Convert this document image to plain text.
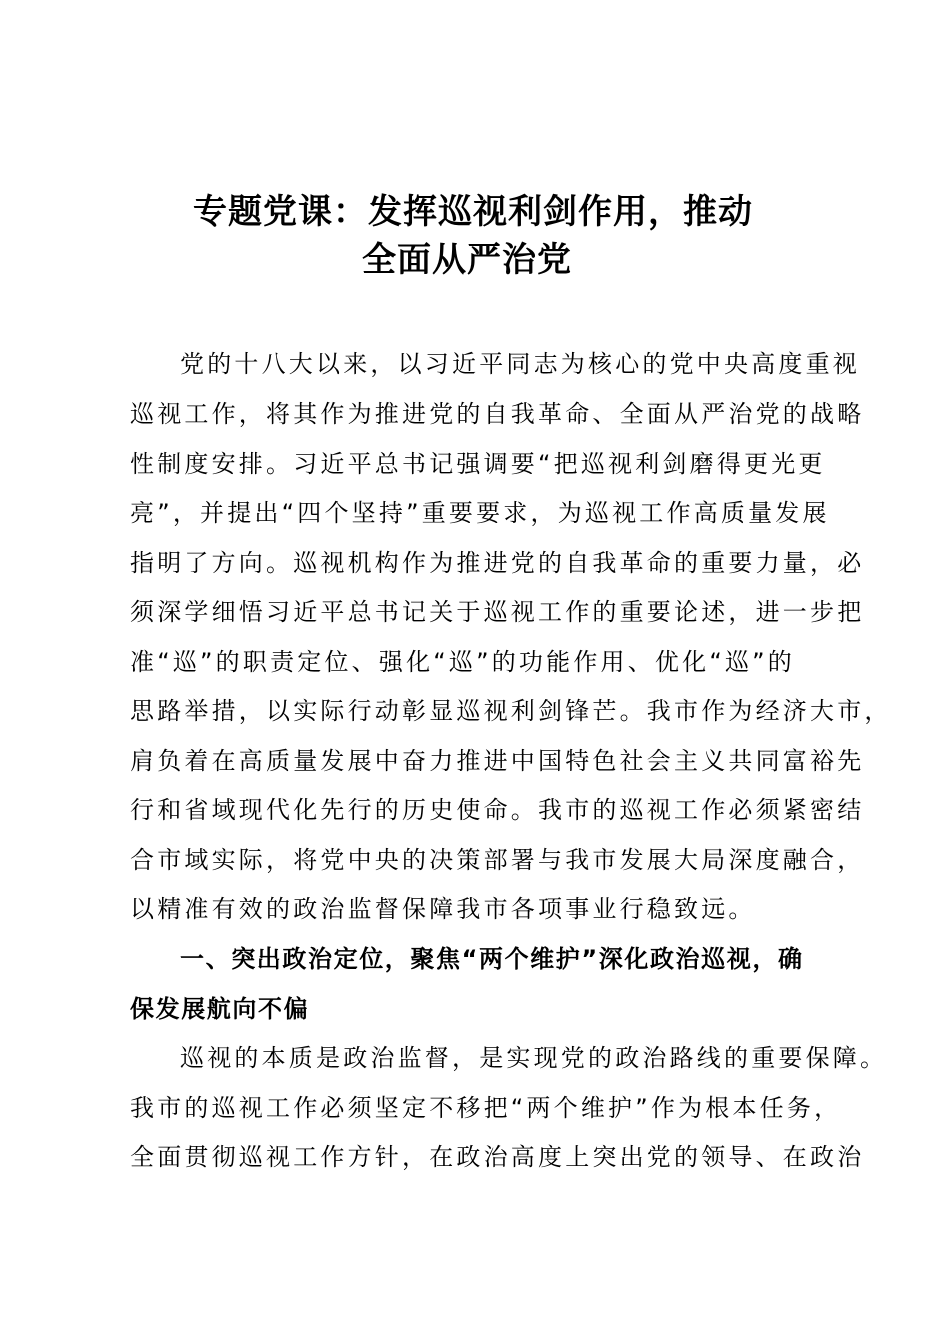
专题党课：发挥巡视利剑作用，推动
全面从严治党
党的十八大以来，以习近平同志为核心的党中央高度重视
巡视工作，将其作为推进党的自我革命、全面从严治党的战略
性制度安排。习近平总书记强调要“把巡视利剑磨得更光更
亮”，并提出“四个坚持”重要要求，为巡视工作高质量发展
指明了方向。巡视机构作为推进党的自我革命的重要力量，必
须深学细悟习近平总书记关于巡视工作的重要论述，进一步把
准“巡”的职责定位、强化“巡”的功能作用、优化“巡”的
思路举措，以实际行动彰显巡视利剑锋芒。我市作为经济大市，
肩负着在高质量发展中奋力推进中国特色社会主义共同富裕先
行和省域现代化先行的历史使命。我市的巡视工作必须紧密结
合市域实际，将党中央的决策部署与我市发展大局深度融合，
以精准有效的政治监督保障我市各项事业行稳致远。
一、突出政治定位，聚焦“两个维护”深化政治巡视，确
保发展航向不偏
巡视的本质是政治监督，是实现党的政治路线的重要保障。
我市的巡视工作必须坚定不移把“两个维护”作为根本任务，
全面贯彻巡视工作方针，在政治高度上突出党的领导、在政治
